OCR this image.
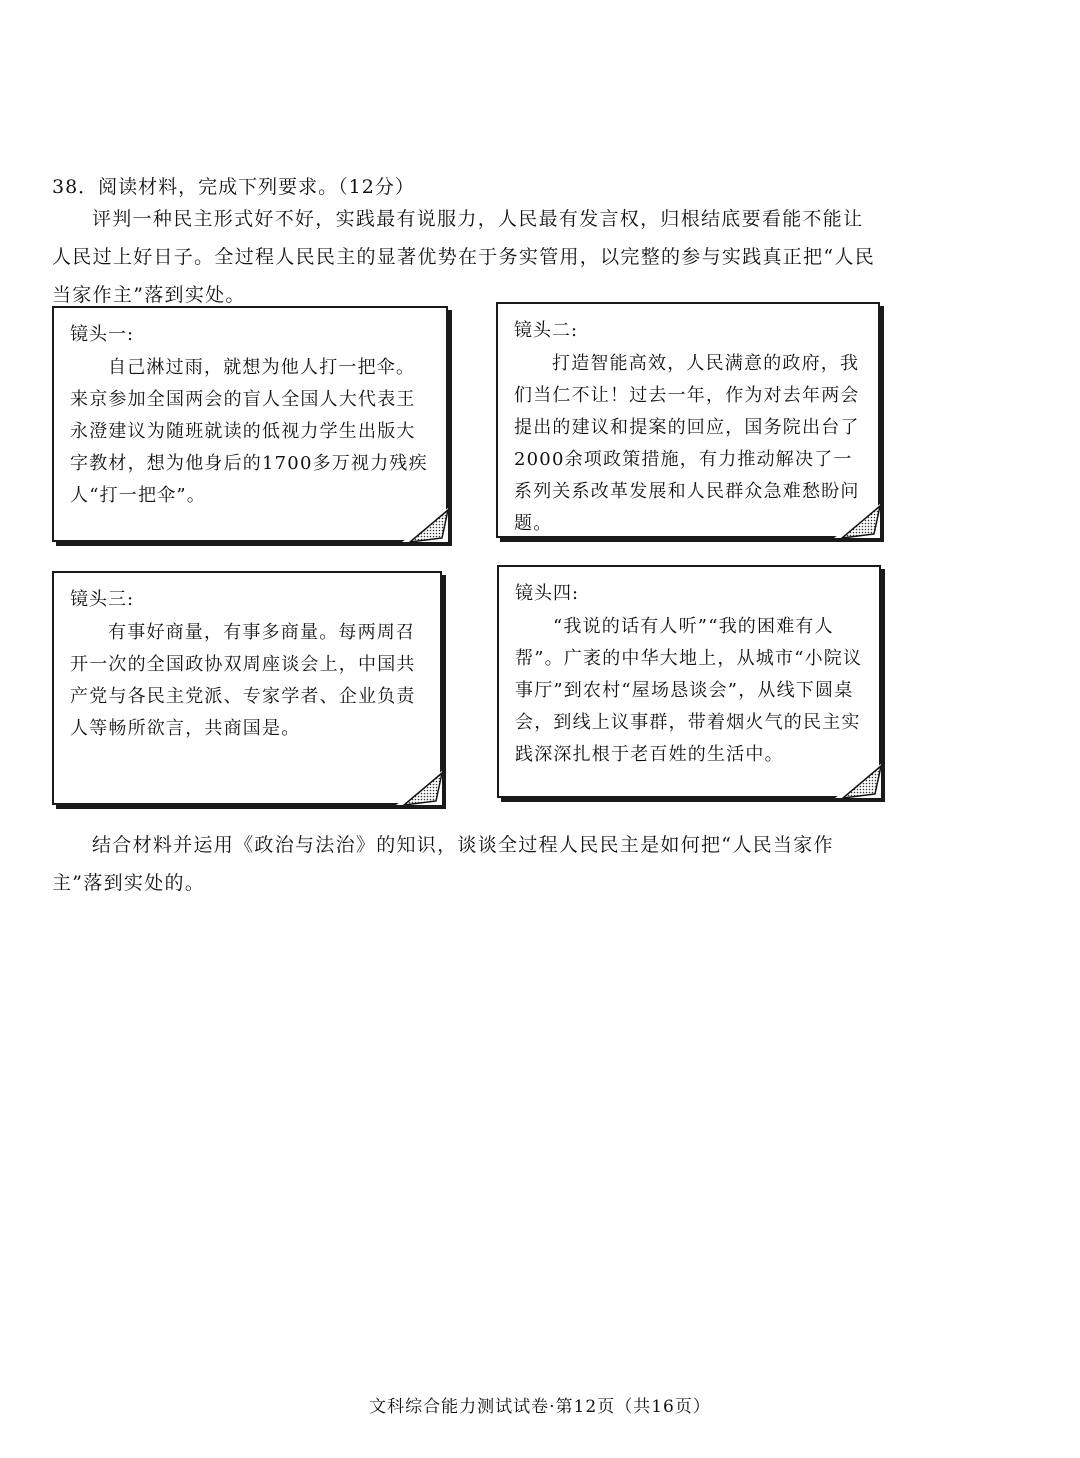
38．阅读材料，完成下列要求。（12分）
评判一种民主形式好不好，实践最有说服力，人民最有发言权，归根结底要看能不能让人民过上好日子。全过程人民民主的显著优势在于务实管用，以完整的参与实践真正把“人民当家作主”落到实处。
镜头一:
自己淋过雨，就想为他人打一把伞。来京参加全国两会的盲人全国人大代表王永澄建议为随班就读的低视力学生出版大字教材，想为他身后的1700多万视力残疾人“打一把伞”。
镜头二:
打造智能高效，人民满意的政府，我们当仁不让！过去一年，作为对去年两会提出的建议和提案的回应，国务院出台了2000余项政策措施，有力推动解决了一系列关系改革发展和人民群众急难愁盼问题。
镜头三:
有事好商量，有事多商量。每两周召开一次的全国政协双周座谈会上，中国共产党与各民主党派、专家学者、企业负责人等畅所欲言，共商国是。
镜头四:
“我说的话有人听”“我的困难有人帮”。广袤的中华大地上，从城市“小院议事厅”到农村“屋场恳谈会”，从线下圆桌会，到线上议事群，带着烟火气的民主实践深深扎根于老百姓的生活中。
结合材料并运用《政治与法治》的知识，谈谈全过程人民民主是如何把“人民当家作主”落到实处的。
文科综合能力测试试卷·第12页（共16页）
